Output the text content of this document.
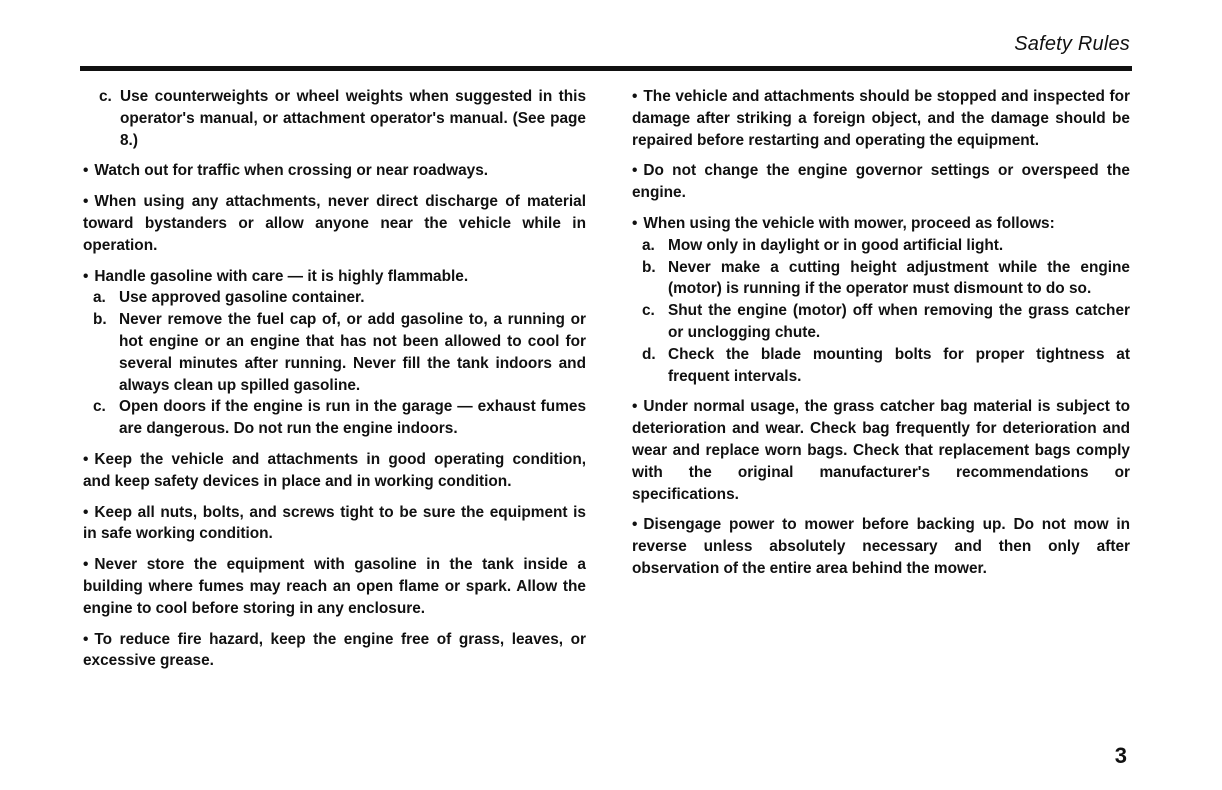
Safety Rules
c. Use counterweights or wheel weights when suggested in this operator's manual, or attachment operator's manual. (See page 8.)

• Watch out for traffic when crossing or near roadways.

• When using any attachments, never direct discharge of material toward bystanders or allow anyone near the vehicle while in operation.

• Handle gasoline with care — it is highly flammable.

a. Use approved gasoline container.
b. Never remove the fuel cap of, or add gasoline to, a running or hot engine or an engine that has not been allowed to cool for several minutes after running. Never fill the tank indoors and always clean up spilled gasoline.
c. Open doors if the engine is run in the garage — exhaust fumes are dangerous. Do not run the engine indoors.

• Keep the vehicle and attachments in good operating condition, and keep safety devices in place and in working condition.

• Keep all nuts, bolts, and screws tight to be sure the equipment is in safe working condition.

• Never store the equipment with gasoline in the tank inside a building where fumes may reach an open flame or spark. Allow the engine to cool before storing in any enclosure.

• To reduce fire hazard, keep the engine free of grass, leaves, or excessive grease.

• The vehicle and attachments should be stopped and inspected for damage after striking a foreign object, and the damage should be repaired before restarting and operating the equipment.

• Do not change the engine governor settings or overspeed the engine.

• When using the vehicle with mower, proceed as follows:

a. Mow only in daylight or in good artificial light.
b. Never make a cutting height adjustment while the engine (motor) is running if the operator must dismount to do so.
c. Shut the engine (motor) off when removing the grass catcher or unclogging chute.
d. Check the blade mounting bolts for proper tightness at frequent intervals.

• Under normal usage, the grass catcher bag material is subject to deterioration and wear. Check bag frequently for deterioration and wear and replace worn bags. Check that replacement bags comply with the original manufacturer's recommendations or specifications.

• Disengage power to mower before backing up. Do not mow in reverse unless absolutely necessary and then only after observation of the entire area behind the mower.

3
